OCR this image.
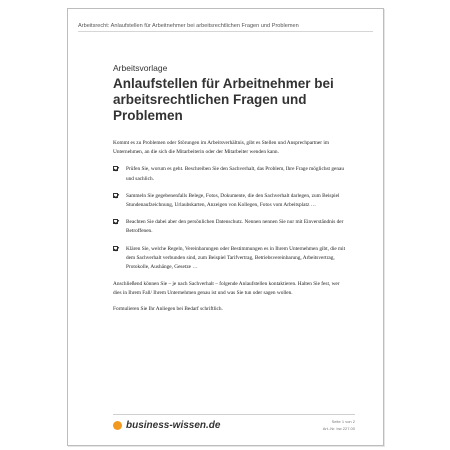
Arbeitsrecht: Anlaufstellen für Arbeitnehmer bei arbeitsrechtlichen Fragen und Problemen
Arbeitsvorlage
Anlaufstellen für Arbeitnehmer bei arbeitsrechtlichen Fragen und Problemen

Kommt es zu Problemen oder Störungen im Arbeitsverhältnis, gibt es Stellen und Ansprechpartner im Unternehmen, an die sich die Mitarbeiterin oder der Mitarbeiter wenden kann.

Prüfen Sie, worum es geht. Beschreiben Sie den Sachverhalt, das Problem, Ihre Frage möglichst genau und sachlich.

Sammeln Sie gegebenenfalls Belege, Fotos, Dokumente, die den Sachverhalt darlegen, zum Beispiel Stundenaufzeichnung, Urlaubskarten, Anzeigen von Kollegen, Fotos vom Arbeitsplatz …

Beachten Sie dabei aber den persönlichen Datenschutz. Nennen nennen Sie nur mit Einverständnis der Betroffenen.

Klären Sie, welche Regeln, Vereinbarungen oder Bestimmungen es in Ihrem Unternehmen gibt, die mit dem Sachverhalt verbunden sind, zum Beispiel Tarifvertrag, Betriebsvereinbarung, Arbeitsvertrag, Protokolle, Aushänge, Gesetze …

Anschließend können Sie – je nach Sachverhalt – folgende Anlaufstellen kontaktieren. Halten Sie fest, wer dies in Ihrem Fall/ Ihrem Unternehmen genau ist und was Sie tun oder sagen wollen.

Formulieren Sie Ihr Anliegen bei Bedarf schriftlich.

business-wissen.de	Seite 1 von 2
Art.-Nr. bw 227.00
